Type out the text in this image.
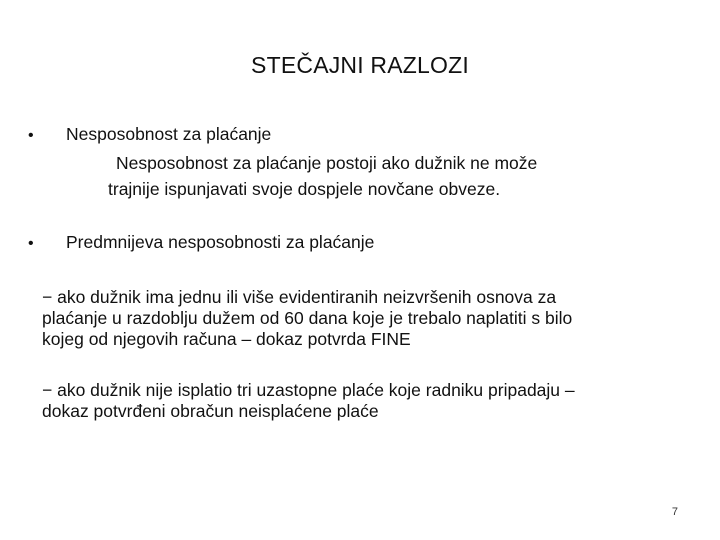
STEČAJNI RAZLOZI
•	Nesposobnost za plaćanje
Nesposobnost za plaćanje postoji ako dužnik ne može
trajnije ispunjavati svoje dospjele novčane obveze.
•	Predmnijeva nesposobnosti za plaćanje

− ako dužnik ima jednu ili više evidentiranih neizvršenih osnova za
plaćanje u razdoblju dužem od 60 dana koje je trebalo naplatiti s bilo
kojeg od njegovih računa – dokaz potvrda FINE

− ako dužnik nije isplatio tri uzastopne plaće koje radniku pripadaju –
dokaz potvrđeni obračun neisplaćene plaće

7
